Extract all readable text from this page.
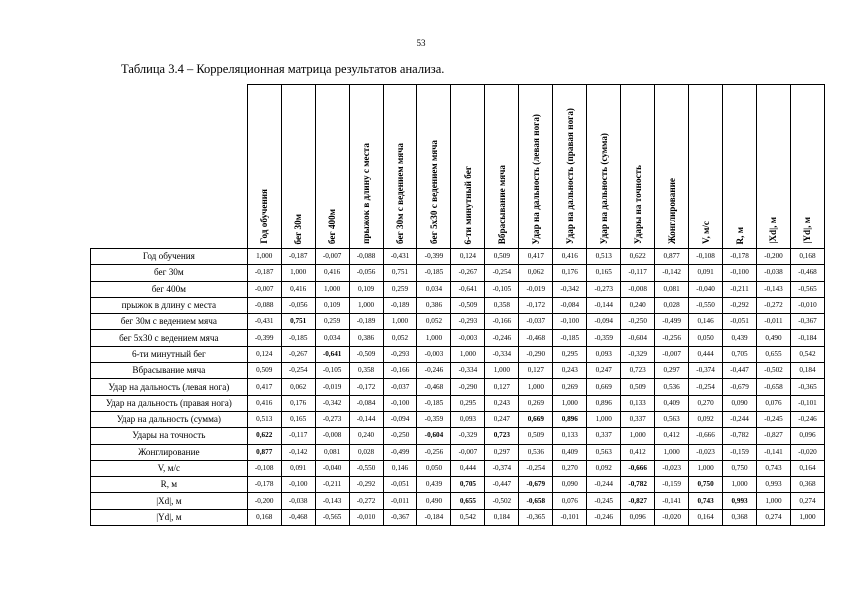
53
Таблица 3.4 – Корреляционная матрица результатов анализа.

	Год обучения	бег 30м	бег 400м	прыжок в длину с места	бег 30м с ведением мяча	бег 5х30 с ведением мяча	6-ти минутный бег	Вбрасывание мяча	Удар на дальность (левая нога)	Удар на дальность (правая нога)	Удар на дальность (сумма)	Удары на точность	Жонглирование	V, м/с	R, м	|Xd|, м	|Yd|, м

Год обучения	1,000	-0,187	-0,007	-0,088	-0,431	-0,399	0,124	0,509	0,417	0,416	0,513	0,622	0,877	-0,108	-0,178	-0,200	0,168
бег 30м	-0,187	1,000	0,416	-0,056	0,751	-0,185	-0,267	-0,254	0,062	0,176	0,165	-0,117	-0,142	0,091	-0,100	-0,038	-0,468
бег 400м	-0,007	0,416	1,000	0,109	0,259	0,034	-0,641	-0,105	-0,019	-0,342	-0,273	-0,008	0,081	-0,040	-0,211	-0,143	-0,565
прыжок в длину с места	-0,088	-0,056	0,109	1,000	-0,189	0,386	-0,509	0,358	-0,172	-0,084	-0,144	0,240	0,028	-0,550	-0,292	-0,272	-0,010
бег 30м с ведением мяча	-0,431	0,751	0,259	-0,189	1,000	0,052	-0,293	-0,166	-0,037	-0,100	-0,094	-0,250	-0,499	0,146	-0,051	-0,011	-0,367
бег 5х30 с ведением мяча	-0,399	-0,185	0,034	0,386	0,052	1,000	-0,003	-0,246	-0,468	-0,185	-0,359	-0,604	-0,256	0,050	0,439	0,490	-0,184
6-ти минутный бег	0,124	-0,267	-0,641	-0,509	-0,293	-0,003	1,000	-0,334	-0,290	0,295	0,093	-0,329	-0,007	0,444	0,705	0,655	0,542
Вбрасывание мяча	0,509	-0,254	-0,105	0,358	-0,166	-0,246	-0,334	1,000	0,127	0,243	0,247	0,723	0,297	-0,374	-0,447	-0,502	0,184
Удар на дальность (левая нога)	0,417	0,062	-0,019	-0,172	-0,037	-0,468	-0,290	0,127	1,000	0,269	0,669	0,509	0,536	-0,254	-0,679	-0,658	-0,365
Удар на дальность (правая нога)	0,416	0,176	-0,342	-0,084	-0,100	-0,185	0,295	0,243	0,269	1,000	0,896	0,133	0,409	0,270	0,090	0,076	-0,101
Удар на дальность (сумма)	0,513	0,165	-0,273	-0,144	-0,094	-0,359	0,093	0,247	0,669	0,896	1,000	0,337	0,563	0,092	-0,244	-0,245	-0,246
Удары на точность	0,622	-0,117	-0,008	0,240	-0,250	-0,604	-0,329	0,723	0,509	0,133	0,337	1,000	0,412	-0,666	-0,782	-0,827	0,096
Жонглирование	0,877	-0,142	0,081	0,028	-0,499	-0,256	-0,007	0,297	0,536	0,409	0,563	0,412	1,000	-0,023	-0,159	-0,141	-0,020
V, м/с	-0,108	0,091	-0,040	-0,550	0,146	0,050	0,444	-0,374	-0,254	0,270	0,092	-0,666	-0,023	1,000	0,750	0,743	0,164
R, м	-0,178	-0,100	-0,211	-0,292	-0,051	0,439	0,705	-0,447	-0,679	0,090	-0,244	-0,782	-0,159	0,750	1,000	0,993	0,368
|Xd|, м	-0,200	-0,038	-0,143	-0,272	-0,011	0,490	0,655	-0,502	-0,658	0,076	-0,245	-0,827	-0,141	0,743	0,993	1,000	0,274
|Yd|, м	0,168	-0,468	-0,565	-0,010	-0,367	-0,184	0,542	0,184	-0,365	-0,101	-0,246	0,096	-0,020	0,164	0,368	0,274	1,000
